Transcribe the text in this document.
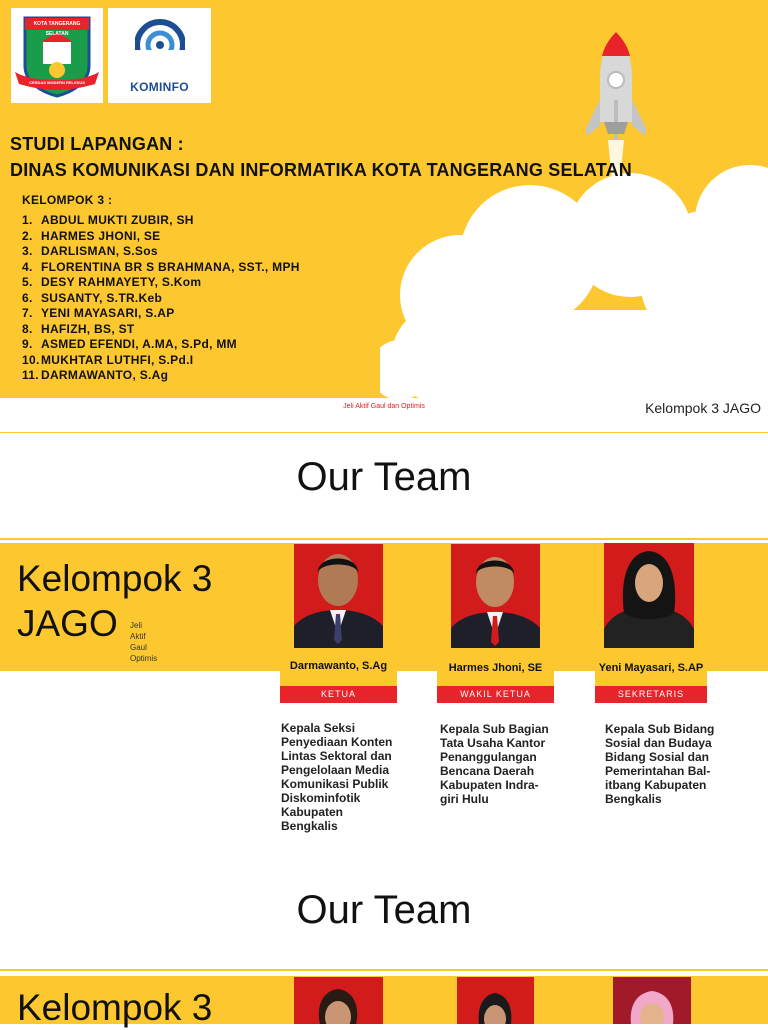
KOTA TANGERANG SELATAN
CERDAS MODERN RELIGIUS	KOMINFO
STUDI LAPANGAN :
DINAS KOMUNIKASI DAN INFORMATIKA KOTA TANGERANG SELATAN
KELOMPOK 3 :
1. ABDUL MUKTI ZUBIR, SH
2. HARMES JHONI, SE
3. DARLISMAN, S.Sos
4. FLORENTINA BR S BRAHMANA, SST., MPH
5. DESY RAHMAYETY, S.Kom
6. SUSANTY, S.TR.Keb
7. YENI MAYASARI, S.AP
8. HAFIZH, BS, ST
9. ASMED EFENDI, A.MA, S.Pd, MM
10.MUKHTAR LUTHFI, S.Pd.I
11. DARMAWANTO, S.Ag
Jeli Aktif Gaul dan Optimis	Kelompok 3 JAGO
Our Team
Kelompok 3
JAGO Jeli
Aktif
Gaul
Optimis
Darmawanto, S.Ag
KETUA
Kepala Seksi
Penyediaan Konten
Lintas Sektoral dan
Pengelolaan Media
Komunikasi Publik
Diskominfotik
Kabupaten
Bengkalis
Harmes Jhoni, SE
WAKIL KETUA
Kepala Sub Bagian
Tata Usaha Kantor
Penanggulangan
Bencana Daerah
Kabupaten Indra-
giri Hulu
Yeni Mayasari, S.AP
SEKRETARIS
Kepala Sub Bidang
Sosial dan Budaya
Bidang Sosial dan
Pemerintahan Bal-
itbang Kabupaten
Bengkalis
Our Team
Kelompok 3
